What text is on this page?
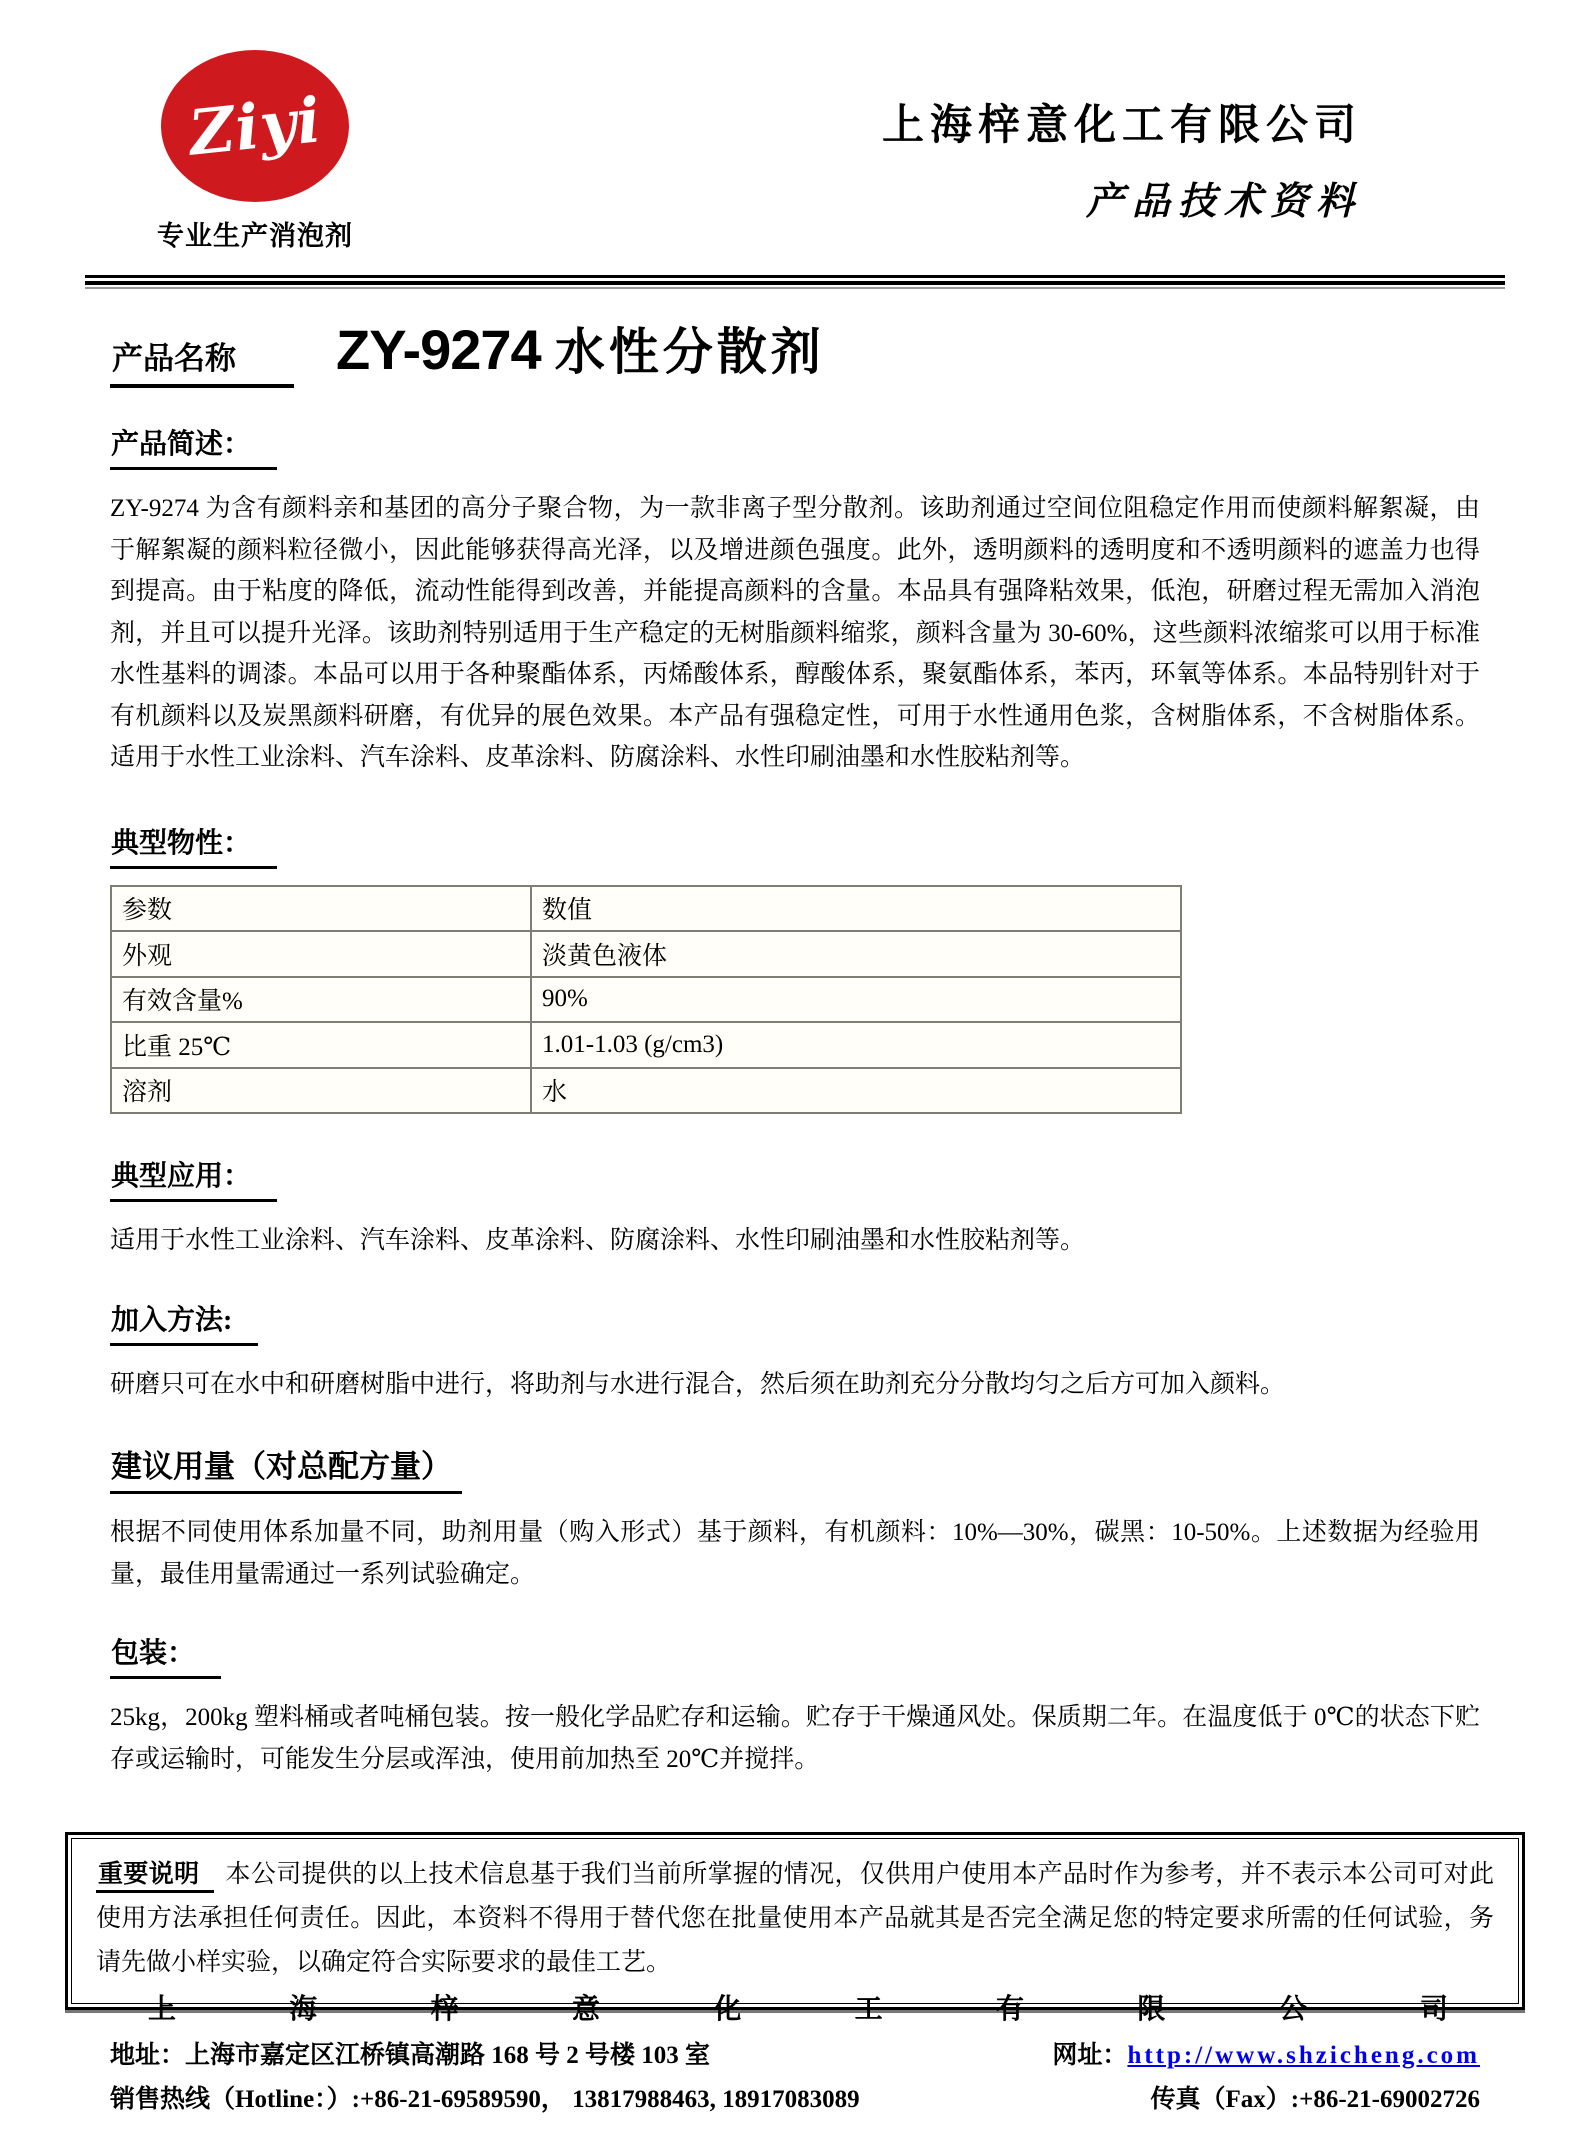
Ziyi
专业生产消泡剂
上海梓意化工有限公司
产品技术资料
产品名称	ZY-9274 水性分散剂
产品简述：

ZY-9274 为含有颜料亲和基团的高分子聚合物，为一款非离子型分散剂。该助剂通过空间位阻稳定作用而使颜料解絮凝，由于解絮凝的颜料粒径微小，因此能够获得高光泽，以及增进颜色强度。此外，透明颜料的透明度和不透明颜料的遮盖力也得到提高。由于粘度的降低，流动性能得到改善，并能提高颜料的含量。本品具有强降粘效果，低泡，研磨过程无需加入消泡剂，并且可以提升光泽。该助剂特别适用于生产稳定的无树脂颜料缩浆，颜料含量为 30-60%，这些颜料浓缩浆可以用于标准水性基料的调漆。本品可以用于各种聚酯体系，丙烯酸体系，醇酸体系，聚氨酯体系，苯丙，环氧等体系。本品特别针对于有机颜料以及炭黑颜料研磨，有优异的展色效果。本产品有强稳定性，可用于水性通用色浆，含树脂体系，不含树脂体系。适用于水性工业涂料、汽车涂料、皮革涂料、防腐涂料、水性印刷油墨和水性胶粘剂等。

典型物性：
参数	数值
外观	淡黄色液体
有效含量%	90%
比重 25℃	1.01-1.03 (g/cm3)
溶剂	水
典型应用：

适用于水性工业涂料、汽车涂料、皮革涂料、防腐涂料、水性印刷油墨和水性胶粘剂等。

加入方法:

研磨只可在水中和研磨树脂中进行，将助剂与水进行混合，然后须在助剂充分分散均匀之后方可加入颜料。

建议用量（对总配方量）

根据不同使用体系加量不同，助剂用量（购入形式）基于颜料，有机颜料：10%—30%，碳黑：10-50%。上述数据为经验用量，最佳用量需通过一系列试验确定。

包装：

25kg，200kg 塑料桶或者吨桶包装。按一般化学品贮存和运输。贮存于干燥通风处。保质期二年。在温度低于 0℃的状态下贮存或运输时，可能发生分层或浑浊，使用前加热至 20℃并搅拌。

重要说明 本公司提供的以上技术信息基于我们当前所掌握的情况，仅供用户使用本产品时作为参考，并不表示本公司可对此使用方法承担任何责任。因此，本资料不得用于替代您在批量使用本产品就其是否完全满足您的特定要求所需的任何试验，务请先做小样实验，以确定符合实际要求的最佳工艺。
上海梓意化工有限公司
地址：上海市嘉定区江桥镇高潮路 168 号 2 号楼 103 室	网址：http://www.shzicheng.com
销售热线（Hotline：）:+86-21-69589590， 13817988463, 18917083089	传真（Fax）:+86-21-69002726
